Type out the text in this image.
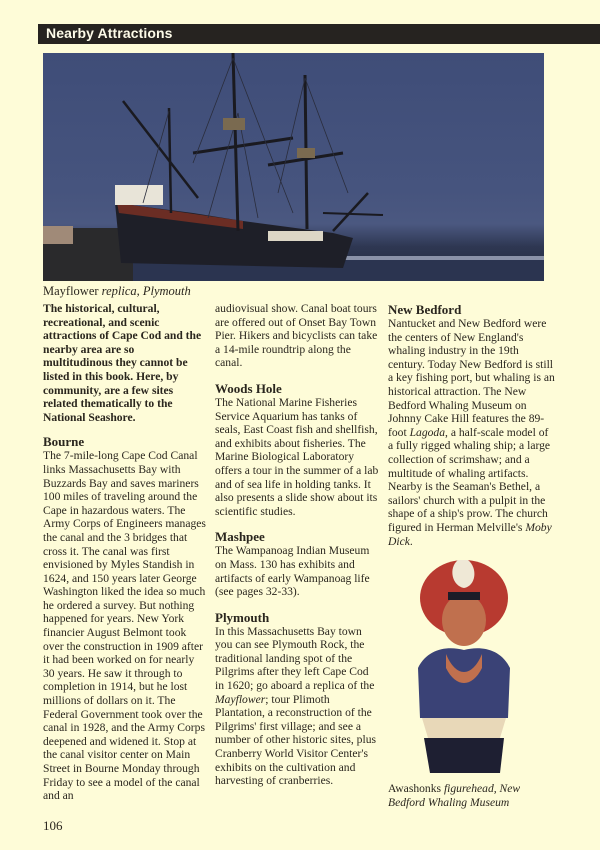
Nearby Attractions
Mayflower replica, Plymouth

The historical, cultural, recreational, and scenic attractions of Cape Cod and the nearby area are so multitudinous they cannot be listed in this book. Here, by community, are a few sites related thematically to the National Seashore.

Bourne

The 7-mile-long Cape Cod Canal links Massachusetts Bay with Buzzards Bay and saves mariners 100 miles of traveling around the Cape in hazardous waters. The Army Corps of Engineers manages the canal and the 3 bridges that cross it. The canal was first envisioned by Myles Standish in 1624, and 150 years later George Washington liked the idea so much he ordered a survey. But nothing happened for years. New York financier August Belmont took over the construction in 1909 after it had been worked on for nearly 30 years. He saw it through to completion in 1914, but he lost millions of dollars on it. The Federal Government took over the canal in 1928, and the Army Corps deepened and widened it. Stop at the canal visitor center on Main Street in Bourne Monday through Friday to see a model of the canal and an

audiovisual show. Canal boat tours are offered out of Onset Bay Town Pier. Hikers and bicyclists can take a 14-mile roundtrip along the canal.

Woods Hole

The National Marine Fisheries Service Aquarium has tanks of seals, East Coast fish and shellfish, and exhibits about fisheries. The Marine Biological Laboratory offers a tour in the summer of a lab and of sea life in holding tanks. It also presents a slide show about its scientific studies.

Mashpee

The Wampanoag Indian Museum on Mass. 130 has exhibits and artifacts of early Wampanoag life (see pages 32-33).

Plymouth

In this Massachusetts Bay town you can see Plymouth Rock, the traditional landing spot of the Pilgrims after they left Cape Cod in 1620; go aboard a replica of the Mayflower; tour Plimoth Plantation, a reconstruction of the Pilgrims' first village; and see a number of other historic sites, plus Cranberry World Visitor Center's exhibits on the cultivation and harvesting of cranberries.

New Bedford

Nantucket and New Bedford were the centers of New England's whaling industry in the 19th century. Today New Bedford is still a key fishing port, but whaling is an historical attraction. The New Bedford Whaling Museum on Johnny Cake Hill features the 89-foot Lagoda, a half-scale model of a fully rigged whaling ship; a large collection of scrimshaw; and a multitude of whaling artifacts. Nearby is the Seaman's Bethel, a sailors' church with a pulpit in the shape of a ship's prow. The church figured in Herman Melville's Moby Dick.

Awashonks figurehead, New Bedford Whaling Museum
106
